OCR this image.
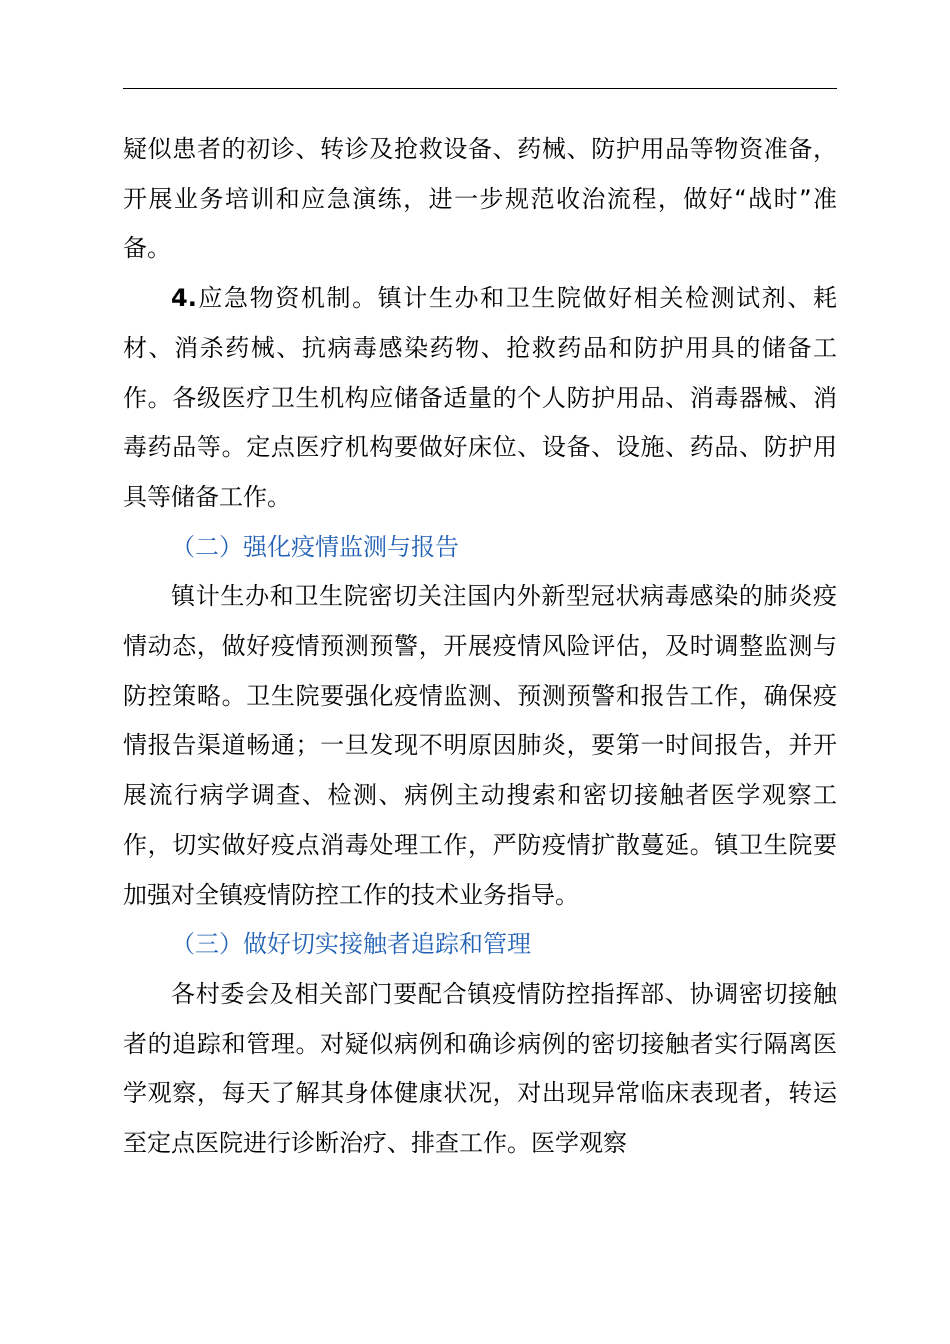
疑似患者的初诊、转诊及抢救设备、药械、防护用品等物资准备，开展业务培训和应急演练，进一步规范收治流程，做好“战时”准备。

4.应急物资机制。镇计生办和卫生院做好相关检测试剂、耗材、消杀药械、抗病毒感染药物、抢救药品和防护用具的储备工作。各级医疗卫生机构应储备适量的个人防护用品、消毒器械、消毒药品等。定点医疗机构要做好床位、设备、设施、药品、防护用具等储备工作。

（二）强化疫情监测与报告

镇计生办和卫生院密切关注国内外新型冠状病毒感染的肺炎疫情动态，做好疫情预测预警，开展疫情风险评估，及时调整监测与防控策略。卫生院要强化疫情监测、预测预警和报告工作，确保疫情报告渠道畅通；一旦发现不明原因肺炎，要第一时间报告，并开展流行病学调查、检测、病例主动搜索和密切接触者医学观察工作，切实做好疫点消毒处理工作，严防疫情扩散蔓延。镇卫生院要加强对全镇疫情防控工作的技术业务指导。

（三）做好切实接触者追踪和管理

各村委会及相关部门要配合镇疫情防控指挥部、协调密切接触者的追踪和管理。对疑似病例和确诊病例的密切接触者实行隔离医学观察，每天了解其身体健康状况，对出现异常临床表现者，转运至定点医院进行诊断治疗、排查工作。医学观察
